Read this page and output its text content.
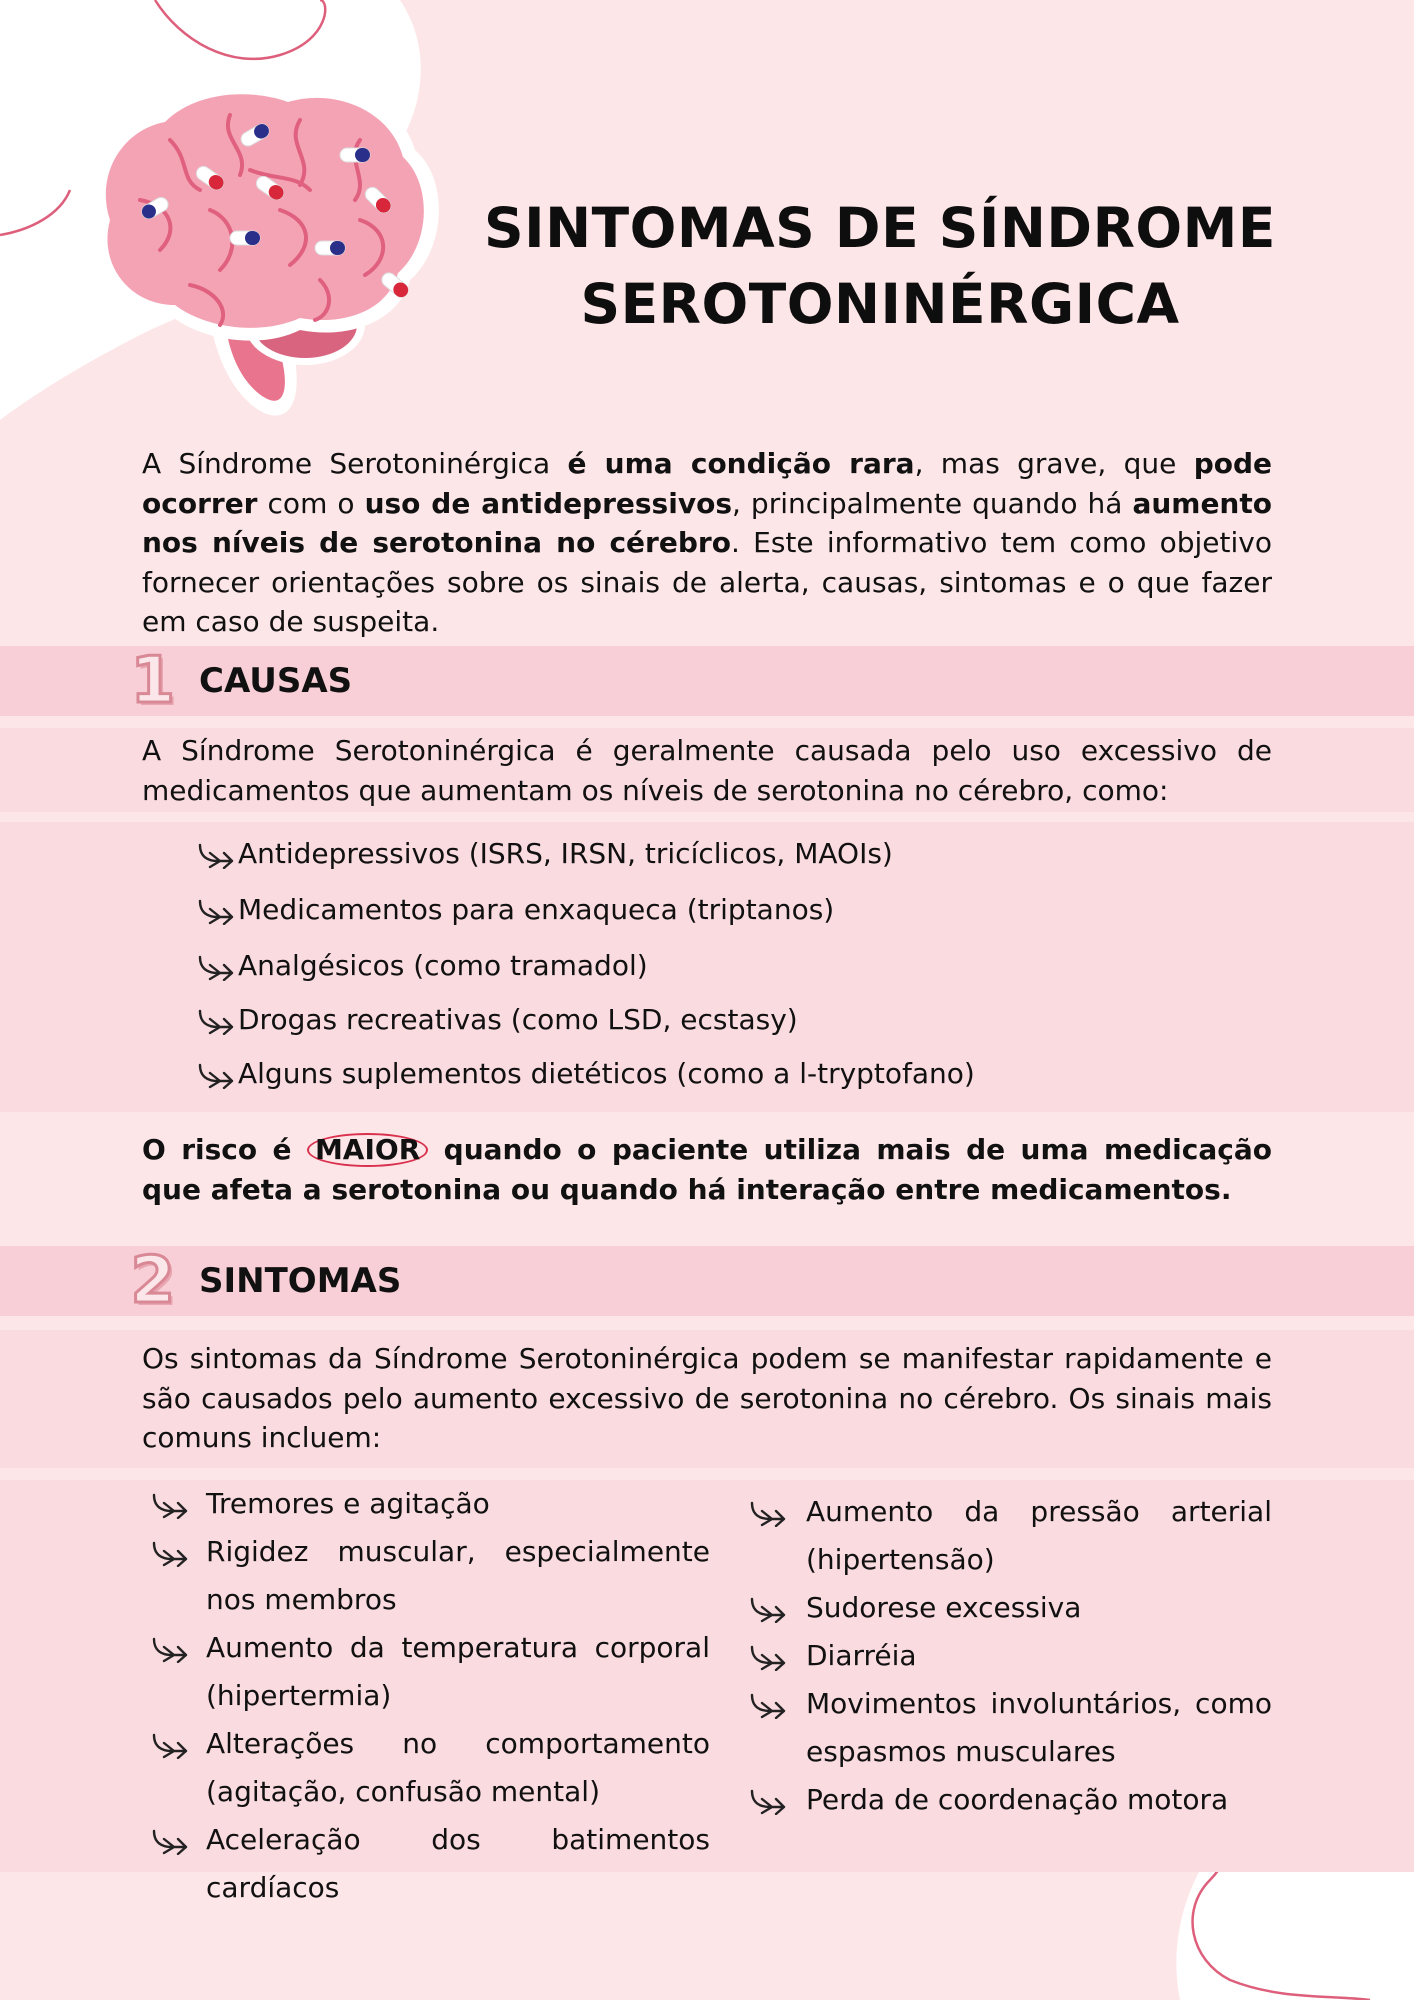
SINTOMAS DE SÍNDROME
SEROTONINÉRGICA
A Síndrome Serotoninérgica é uma condição rara, mas grave, que pode ocorrer com o uso de antidepressivos, principalmente quando há aumento nos níveis de serotonina no cérebro. Este informativo tem como objetivo fornecer orientações sobre os sinais de alerta, causas, sintomas e o que fazer em caso de suspeita.
1 CAUSAS
A Síndrome Serotoninérgica é geralmente causada pelo uso excessivo de medicamentos que aumentam os níveis de serotonina no cérebro, como:
Antidepressivos (ISRS, IRSN, tricíclicos, MAOIs)
Medicamentos para enxaqueca (triptanos)
Analgésicos (como tramadol)
Drogas recreativas (como LSD, ecstasy)
Alguns suplementos dietéticos (como a l-tryptofano)
O risco é MAIOR quando o paciente utiliza mais de uma medicação que afeta a serotonina ou quando há interação entre medicamentos.
2 SINTOMAS
Os sintomas da Síndrome Serotoninérgica podem se manifestar rapidamente e são causados pelo aumento excessivo de serotonina no cérebro. Os sinais mais comuns incluem:
Tremores e agitação
Rigidez muscular, especialmente nos membros
Aumento da temperatura corporal (hipertermia)
Alterações no comportamento (agitação, confusão mental)
Aceleração dos batimentos cardíacos
Aumento da pressão arterial (hipertensão)
Sudorese excessiva
Diarréia
Movimentos involuntários, como espasmos musculares
Perda de coordenação motora
